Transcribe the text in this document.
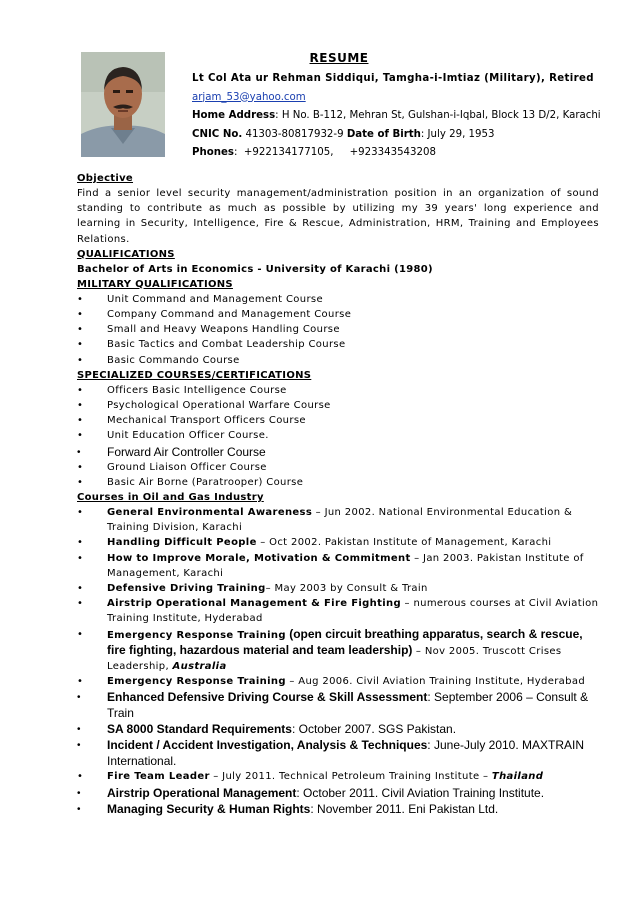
RESUME
Lt Col Ata ur Rehman Siddiqui, Tamgha-i-Imtiaz (Military), Retired
arjam_53@yahoo.com
Home Address: H No. B-112, Mehran St, Gulshan-i-Iqbal, Block 13 D/2, Karachi
CNIC No. 41303-80817932-9 Date of Birth: July 29, 1953
Phones:  +922134177105, +923343543208
Objective
Find a senior level security management/administration position in an organization of sound standing to contribute as much as possible by utilizing my 39 years' long experience and learning in Security, Intelligence, Fire & Rescue, Administration, HRM, Training and Employees Relations.
QUALIFICATIONS
Bachelor of Arts in Economics - University of Karachi (1980)
MILITARY QUALIFICATIONS
• Unit Command and Management Course
• Company Command and Management Course
• Small and Heavy Weapons Handling Course
• Basic Tactics and Combat Leadership Course
• Basic Commando Course
SPECIALIZED COURSES/CERTIFICATIONS
• Officers Basic Intelligence Course
• Psychological Operational Warfare Course
• Mechanical Transport Officers Course
• Unit Education Officer Course.
• Forward Air Controller Course
• Ground Liaison Officer Course
• Basic Air Borne (Paratrooper) Course
Courses in Oil and Gas Industry
• General Environmental Awareness – Jun 2002. National Environmental Education & Training Division, Karachi
• Handling Difficult People – Oct 2002. Pakistan Institute of Management, Karachi
• How to Improve Morale, Motivation & Commitment – Jan 2003. Pakistan Institute of Management, Karachi
• Defensive Driving Training– May 2003 by Consult & Train
• Airstrip Operational Management & Fire Fighting – numerous courses at Civil Aviation Training Institute, Hyderabad
• Emergency Response Training (open circuit breathing apparatus, search & rescue, fire fighting, hazardous material and team leadership) – Nov 2005. Truscott Crises Leadership, Australia
• Emergency Response Training – Aug 2006. Civil Aviation Training Institute, Hyderabad
• Enhanced Defensive Driving Course & Skill Assessment: September 2006 – Consult & Train
• SA 8000 Standard Requirements: October 2007. SGS Pakistan.
• Incident / Accident Investigation, Analysis & Techniques: June-July 2010. MAXTRAIN International.
• Fire Team Leader – July 2011. Technical Petroleum Training Institute – Thailand
• Airstrip Operational Management: October 2011. Civil Aviation Training Institute.
• Managing Security & Human Rights: November 2011. Eni Pakistan Ltd.
